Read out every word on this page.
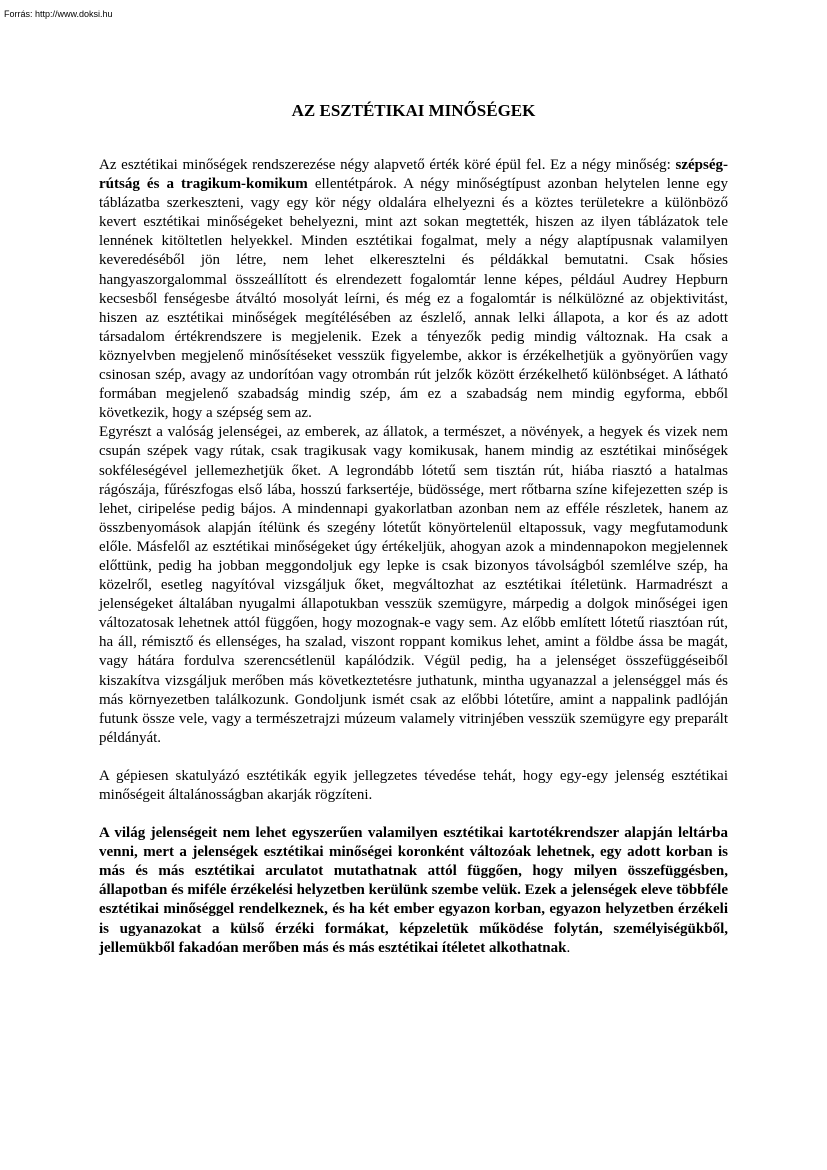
Forrás: http://www.doksi.hu
AZ ESZTÉTIKAI MINŐSÉGEK

Az esztétikai minőségek rendszerezése négy alapvető érték köré épül fel. Ez a négy minőség: szépség-rútság és a tragikum-komikum ellentétpárok. A négy minőségtípust azonban helytelen lenne egy táblázatba szerkeszteni, vagy egy kör négy oldalára elhelyezni és a köztes területekre a különböző kevert esztétikai minőségeket behelyezni, mint azt sokan megtették, hiszen az ilyen táblázatok tele lennének kitöltetlen helyekkel. Minden esztétikai fogalmat, mely a négy alaptípusnak valamilyen keveredéséből jön létre, nem lehet elkeresztelni és példákkal bemutatni. Csak hősies hangyaszorgalommal összeállított és elrendezett fogalomtár lenne képes, például Audrey Hepburn kecsesből fenségesbe átváltó mosolyát leírni, és még ez a fogalomtár is nélkülözné az objektivitást, hiszen az esztétikai minőségek megítélésében az észlelő, annak lelki állapota, a kor és az adott társadalom értékrendszere is megjelenik. Ezek a tényezők pedig mindig változnak. Ha csak a köznyelvben megjelenő minősítéseket vesszük figyelembe, akkor is érzékelhetjük a gyönyörűen vagy csinosan szép, avagy az undorítóan vagy otrombán rút jelzők között érzékelhető különbséget. A látható formában megjelenő szabadság mindig szép, ám ez a szabadság nem mindig egyforma, ebből következik, hogy a szépség sem az.

Egyrészt a valóság jelenségei, az emberek, az állatok, a természet, a növények, a hegyek és vizek nem csupán szépek vagy rútak, csak tragikusak vagy komikusak, hanem mindig az esztétikai minőségek sokféleségével jellemezhetjük őket. A legrondább lótetű sem tisztán rút, hiába riasztó a hatalmas rágószája, fűrészfogas első lába, hosszú farksertéje, büdössége, mert rőtbarna színe kifejezetten szép is lehet, ciripelése pedig bájos. A mindennapi gyakorlatban azonban nem az efféle részletek, hanem az összbenyomások alapján ítélünk és szegény lótetűt könyörtelenül eltapossuk, vagy megfutamodunk előle. Másfelől az esztétikai minőségeket úgy értékeljük, ahogyan azok a mindennapokon megjelennek előttünk, pedig ha jobban meggondoljuk egy lepke is csak bizonyos távolságból szemlélve szép, ha közelről, esetleg nagyítóval vizsgáljuk őket, megváltozhat az esztétikai ítéletünk. Harmadrészt a jelenségeket általában nyugalmi állapotukban vesszük szemügyre, márpedig a dolgok minőségei igen változatosak lehetnek attól függően, hogy mozognak-e vagy sem. Az előbb említett lótetű riasztóan rút, ha áll, rémisztő és ellenséges, ha szalad, viszont roppant komikus lehet, amint a földbe ássa be magát, vagy hátára fordulva szerencsétlenül kapálódzik. Végül pedig, ha a jelenséget összefüggéseiből kiszakítva vizsgáljuk merőben más következtetésre juthatunk, mintha ugyanazzal a jelenséggel más és más környezetben találkozunk. Gondoljunk ismét csak az előbbi lótetűre, amint a nappalink padlóján futunk össze vele, vagy a természetrajzi múzeum valamely vitrinjében vesszük szemügyre egy preparált példányát.

A gépiesen skatulyázó esztétikák egyik jellegzetes tévedése tehát, hogy egy-egy jelenség esztétikai minőségeit általánosságban akarják rögzíteni.

A világ jelenségeit nem lehet egyszerűen valamilyen esztétikai kartotékrendszer alapján leltárba venni, mert a jelenségek esztétikai minőségei koronként változóak lehetnek, egy adott korban is más és más esztétikai arculatot mutathatnak attól függően, hogy milyen összefüggésben, állapotban és miféle érzékelési helyzetben kerülünk szembe velük. Ezek a jelenségek eleve többféle esztétikai minőséggel rendelkeznek, és ha két ember egyazon korban, egyazon helyzetben érzékeli is ugyanazokat a külső érzéki formákat, képzeletük működése folytán, személyiségükből, jellemükből fakadóan merőben más és más esztétikai ítéletet alkothatnak.
